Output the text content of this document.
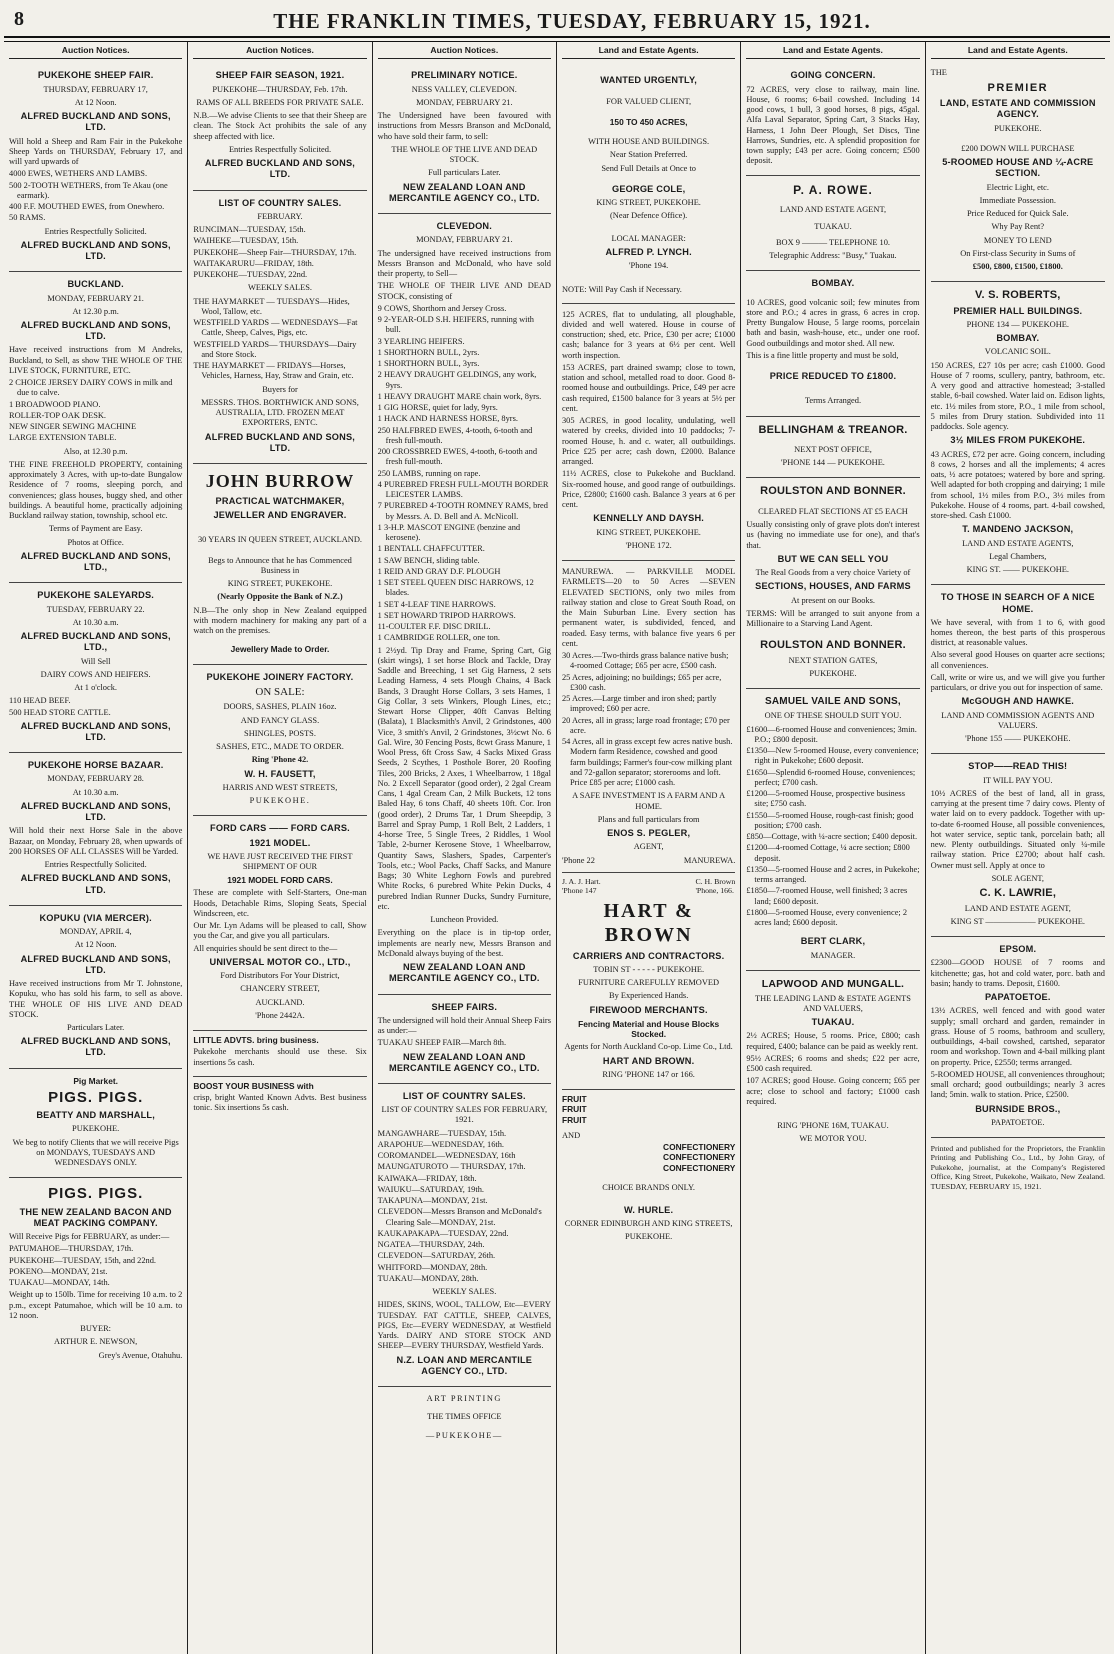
8	THE FRANKLIN TIMES, TUESDAY, FEBRUARY 15, 1921.
Auction Notices.
PUKEKOHE SHEEP FAIR.
THURSDAY, FEBRUARY 17,
At 12 Noon.
ALFRED BUCKLAND AND SONS, LTD.
Will hold a Sheep and Ram Fair in the Pukekohe Sheep Yards on THURSDAY, February 17, and will yard upwards of
4000 EWES, WETHERS AND LAMBS.
500 2-TOOTH WETHERS, from Te Akau (one earmark).
400 F.F. MOUTHED EWES, from Onewhero.
50 RAMS.
Entries Respectfully Solicited.
ALFRED BUCKLAND AND SONS, LTD.
BUCKLAND.
MONDAY, FEBRUARY 21.
At 12.30 p.m.
ALFRED BUCKLAND AND SONS, LTD.
Have received instructions from M Andreks, Buckland, to Sell, as show THE WHOLE OF THE LIVE STOCK, FURNITURE, ETC.
2 CHOICE JERSEY DAIRY COWS in milk and due to calve.
1 BROADWOOD PIANO.
ROLLER-TOP OAK DESK.
NEW SINGER SEWING MACHINE
LARGE EXTENSION TABLE.
Also, at 12.30 p.m.
THE FINE FREEHOLD PROPERTY, containing approximately 3 Acres, with up-to-date Bungalow Residence of 7 rooms, sleeping porch, and conveniences; glass houses, buggy shed, and other buildings. A beautiful home, practically adjoining Buckland railway station, township, school etc.
Terms of Payment are Easy.
Photos at Office.
ALFRED BUCKLAND AND SONS, LTD.,
PUKEKOHE SALEYARDS.
TUESDAY, FEBRUARY 22.
At 10.30 a.m.
ALFRED BUCKLAND AND SONS, LTD.,
Will Sell
DAIRY COWS AND HEIFERS.
At 1 o'clock.
110 HEAD BEEF.
500 HEAD STORE CATTLE.
ALFRED BUCKLAND AND SONS, LTD.
PUKEKOHE HORSE BAZAAR.
MONDAY, FEBRUARY 28.
At 10.30 a.m.
ALFRED BUCKLAND AND SONS, LTD.
Will hold their next Horse Sale in the above Bazaar, on Monday, February 28, when upwards of 200 HORSES OF ALL CLASSES Will be Yarded.
Entries Respectfully Solicited.
ALFRED BUCKLAND AND SONS, LTD.
KOPUKU (VIA MERCER).
MONDAY, APRIL 4,
At 12 Noon.
ALFRED BUCKLAND AND SONS, LTD.
Have received instructions from Mr T. Johnstone, Kopuku, who has sold his farm, to sell as above. THE WHOLE OF HIS LIVE AND DEAD STOCK.
Particulars Later.
ALFRED BUCKLAND AND SONS, LTD.
Pig Market.
PIGS. PIGS.
BEATTY AND MARSHALL,
PUKEKOHE.
We beg to notify Clients that we will receive Pigs on MONDAYS, TUESDAYS AND WEDNESDAYS ONLY.
PIGS. PIGS.
THE NEW ZEALAND BACON AND MEAT PACKING COMPANY.
Will Receive Pigs for FEBRUARY, as under:—
PATUMAHOE—THURSDAY, 17th.
PUKEKOHE—TUESDAY, 15th, and 22nd.
POKENO—MONDAY, 21st.
TUAKAU—MONDAY, 14th.
Weight up to 150lb. Time for receiving 10 a.m. to 2 p.m., except Patumahoe, which will be 10 a.m. to 12 noon.
BUYER:
ARTHUR E. NEWSON,
Grey's Avenue, Otahuhu.
Auction Notices.
SHEEP FAIR SEASON, 1921.
PUKEKOHE—THURSDAY, Feb. 17th.
RAMS OF ALL BREEDS FOR PRIVATE SALE.
N.B.—We advise Clients to see that their Sheep are clean. The Stock Act prohibits the sale of any sheep affected with lice.
Entries Respectfully Solicited.
ALFRED BUCKLAND AND SONS, LTD.
LIST OF COUNTRY SALES.
FEBRUARY.
RUNCIMAN—TUESDAY, 15th.
WAIHEKE—TUESDAY, 15th.
PUKEKOHE—Sheep Fair—THURSDAY, 17th.
WAITAKARURU—FRIDAY, 18th.
PUKEKOHE—TUESDAY, 22nd.
WEEKLY SALES.
THE HAYMARKET — TUESDAYS—Hides, Wool, Tallow, etc.
WESTFIELD YARDS — WEDNESDAYS—Fat Cattle, Sheep, Calves, Pigs, etc.
WESTFIELD YARDS— THURSDAYS—Dairy and Store Stock.
THE HAYMARKET — FRIDAYS—Horses, Vehicles, Harness, Hay, Straw and Grain, etc.
Buyers for
MESSRS. THOS. BORTHWICK AND SONS, AUSTRALIA, LTD. FROZEN MEAT EXPORTERS, ENTC.
ALFRED BUCKLAND AND SONS, LTD.
JOHN BURROW
PRACTICAL WATCHMAKER,
JEWELLER AND ENGRAVER.
30 YEARS IN QUEEN STREET, AUCKLAND.
Begs to Announce that he has Commenced Business in
KING STREET, PUKEKOHE.
(Nearly Opposite the Bank of N.Z.)
N.B—The only shop in New Zealand equipped with modern machinery for making any part of a watch on the premises.
Jewellery Made to Order.
PUKEKOHE JOINERY FACTORY.
ON SALE:
DOORS, SASHES, PLAIN 16oz.
AND FANCY GLASS.
SHINGLES, POSTS.
SASHES, ETC., MADE TO ORDER.
Ring 'Phone 42.
W. H. FAUSETT,
HARRIS AND WEST STREETS,
PUKEKOHE.
FORD CARS —— FORD CARS.
1921 MODEL.
WE HAVE JUST RECEIVED THE FIRST SHIPMENT OF OUR
1921 MODEL FORD CARS.
These are complete with Self-Starters, One-man Hoods, Detachable Rims, Sloping Seats, Special Windscreen, etc.
Our Mr. Lyn Adams will be pleased to call, Show you the Car, and give you all particulars.
All enquiries should be sent direct to the—
UNIVERSAL MOTOR CO., LTD.,
Ford Distributors For Your District,
CHANCERY STREET,
AUCKLAND.
'Phone 2442A.
LITTLE ADVTS. bring business.
Pukekohe merchants should use these. Six insertions 5s cash.
BOOST YOUR BUSINESS with
crisp, bright Wanted Known Advts. Best business tonic. Six insertions 5s cash.
Auction Notices.
PRELIMINARY NOTICE.
NESS VALLEY, CLEVEDON.
MONDAY, FEBRUARY 21.
The Undersigned have been favoured with instructions from Messrs Branson and McDonald, who have sold their farm, to sell:
THE WHOLE OF THE LIVE AND DEAD STOCK.
Full particulars Later.
NEW ZEALAND LOAN AND MERCANTILE AGENCY CO., LTD.
CLEVEDON.
MONDAY, FEBRUARY 21.
The undersigned have received instructions from Messrs Branson and McDonald, who have sold their property, to Sell—
THE WHOLE OF THEIR LIVE AND DEAD STOCK, consisting of
9 COWS, Shorthorn and Jersey Cross.
9 2-YEAR-OLD S.H. HEIFERS, running with bull.
3 YEARLING HEIFERS.
1 SHORTHORN BULL, 2yrs.
1 SHORTHORN BULL, 3yrs.
2 HEAVY DRAUGHT GELDINGS, any work, 9yrs.
1 HEAVY DRAUGHT MARE chain work, 8yrs.
1 GIG HORSE, quiet for lady, 9yrs.
1 HACK AND HARNESS HORSE, 8yrs.
250 HALFBRED EWES, 4-tooth, 6-tooth and fresh full-mouth.
200 CROSSBRED EWES, 4-tooth, 6-tooth and fresh full-mouth.
250 LAMBS, running on rape.
4 PUREBRED FRESH FULL-MOUTH BORDER LEICESTER LAMBS.
7 PUREBRED 4-TOOTH ROMNEY RAMS, bred by Messrs. A. D. Bell and A. McNicoll.
1 3-H.P. MASCOT ENGINE (benzine and kerosene).
1 BENTALL CHAFFCUTTER.
1 SAW BENCH, sliding table.
1 REID AND GRAY D.F. PLOUGH
1 SET STEEL QUEEN DISC HARROWS, 12 blades.
1 SET 4-LEAF TINE HARROWS.
1 SET HOWARD TRIPOD HARROWS.
11-COULTER F.F. DISC DRILL.
1 CAMBRIDGE ROLLER, one ton.
1 2½yd. Tip Dray and Frame, Spring Cart, Gig (skirt wings), 1 set horse Block and Tackle, Dray Saddle and Breeching, 1 set Gig Harness, 2 sets Leading Harness, 4 sets Plough Chains, 4 Back Bands, 3 Draught Horse Collars, 3 sets Hames, 1 Gig Collar, 3 sets Winkers, Plough Lines, etc.; Stewart Horse Clipper, 40ft Canvas Belting (Balata), 1 Blacksmith's Anvil, 2 Grindstones, 400 Vice, 3 smith's Anvil, 2 Grindstones, 3½cwt No. 6 Gal. Wire, 30 Fencing Posts, 8cwt Grass Manure, 1 Wool Press, 6ft Cross Saw, 4 Sacks Mixed Grass Seeds, 2 Scythes, 1 Posthole Borer, 20 Roofing Tiles, 200 Bricks, 2 Axes, 1 Wheelbarrow, 1 18gal No. 2 Excell Separator (good order), 2 2gal Cream Cans, 1 4gal Cream Can, 2 Milk Buckets, 12 tons Baled Hay, 6 tons Chaff, 40 sheets 10ft. Cor. Iron (good order), 2 Drums Tar, 1 Drum Sheepdip, 3 Barrel and Spray Pump, 1 Roll Belt, 2 Ladders, 1 4-horse Tree, 5 Single Trees, 2 Riddles, 1 Wool Table, 2-burner Kerosene Stove, 1 Wheelbarrow, Quantity Saws, Slashers, Spades, Carpenter's Tools, etc.; Wool Packs, Chaff Sacks, and Manure Bags; 30 White Leghorn Fowls and purebred White Rocks, 6 purebred White Pekin Ducks, 4 purebred Indian Runner Ducks, Sundry Furniture, etc.
Luncheon Provided.
Everything on the place is in tip-top order, implements are nearly new, Messrs Branson and McDonald always buying of the best.
NEW ZEALAND LOAN AND MERCANTILE AGENCY CO., LTD.
SHEEP FAIRS.
The undersigned will hold their Annual Sheep Fairs as under:—
TUAKAU SHEEP FAIR—March 8th.
NEW ZEALAND LOAN AND MERCANTILE AGENCY CO., LTD.
LIST OF COUNTRY SALES.
LIST OF COUNTRY SALES FOR FEBRUARY, 1921.
MANGAWHARE—TUESDAY, 15th.
ARAPOHUE—WEDNESDAY, 16th.
COROMANDEL—WEDNESDAY, 16th
MAUNGATUROTO — THURSDAY, 17th.
KAIWAKA—FRIDAY, 18th.
WAIUKU—SATURDAY, 19th.
TAKAPUNA—MONDAY, 21st.
CLEVEDON—Messrs Branson and McDonald's Clearing Sale—MONDAY, 21st.
KAUKAPAKAPA—TUESDAY, 22nd.
NGATEA—THURSDAY, 24th.
CLEVEDON—SATURDAY, 26th.
WHITFORD—MONDAY, 28th.
TUAKAU—MONDAY, 28th.
WEEKLY SALES.
HIDES, SKINS, WOOL, TALLOW, Etc—EVERY TUESDAY. FAT CATTLE, SHEEP, CALVES, PIGS, Etc—EVERY WEDNESDAY, at Westfield Yards. DAIRY AND STORE STOCK AND SHEEP—EVERY THURSDAY, Westfield Yards.
N.Z. LOAN AND MERCANTILE AGENCY CO., LTD.
ART PRINTING
THE TIMES OFFICE
—PUKEKOHE—
Land and Estate Agents.
WANTED URGENTLY,
FOR VALUED CLIENT,
150 TO 450 ACRES,
WITH HOUSE AND BUILDINGS.
Near Station Preferred.
Send Full Details at Once to
GEORGE COLE,
KING STREET, PUKEKOHE.
(Near Defence Office).
LOCAL MANAGER:
ALFRED P. LYNCH.
'Phone 194.
NOTE: Will Pay Cash if Necessary.
125 ACRES, flat to undulating, all ploughable, divided and well watered. House in course of construction; shed, etc. Price, £30 per acre; £1000 cash; balance for 3 years at 6½ per cent. Well worth inspection.
153 ACRES, part drained swamp; close to town, station and school, metalled road to door. Good 8-roomed house and outbuildings. Price, £49 per acre cash required, £1500 balance for 3 years at 5½ per cent.
305 ACRES, in good locality, undulating, well watered by creeks, divided into 10 paddocks; 7-roomed House, h. and c. water, all outbuildings. Price £25 per acre; cash down, £2000. Balance arranged.
11½ ACRES, close to Pukekohe and Buckland. Six-roomed house, and good range of outbuildings. Price, £2800; £1600 cash. Balance 3 years at 6 per cent.
KENNELLY AND DAYSH.
KING STREET, PUKEKOHE.
'PHONE 172.
MANUREWA. — PARKVILLE MODEL FARMLETS—20 to 50 Acres —SEVEN ELEVATED SECTIONS, only two miles from railway station and close to Great South Road, on the Main Suburban Line. Every section has permanent water, is subdivided, fenced, and roaded. Easy terms, with balance five years 6 per cent.
30 Acres.—Two-thirds grass balance native bush; 4-roomed Cottage; £65 per acre, £500 cash.
25 Acres, adjoining; no buildings; £65 per acre, £300 cash.
25 Acres.—Large timber and iron shed; partly improved; £60 per acre.
20 Acres, all in grass; large road frontage; £70 per acre.
54 Acres, all in grass except few acres native bush. Modern farm Residence, cowshed and good farm buildings; Farmer's four-cow milking plant and 72-gallon separator; storerooms and loft. Price £85 per acre; £1000 cash.
A SAFE INVESTMENT IS A FARM AND A HOME.
Plans and full particulars from
ENOS S. PEGLER,
AGENT,
'Phone 22	MANUREWA.
J. A. J. Hart.
'Phone 147
C. H. Brown
'Phone, 166.
HART & BROWN
CARRIERS AND CONTRACTORS.
TOBIN ST - - - - - PUKEKOHE.
FURNITURE CAREFULLY REMOVED
By Experienced Hands.
FIREWOOD MERCHANTS.
Fencing Material and House Blocks Stocked.
Agents for North Auckland Co-op. Lime Co., Ltd.
HART AND BROWN.
RING 'PHONE 147 or 166.
FRUIT
FRUIT
FRUIT
AND
CONFECTIONERY
CONFECTIONERY
CONFECTIONERY
CHOICE BRANDS ONLY.
W. HURLE.
CORNER EDINBURGH AND KING STREETS,
PUKEKOHE.
Land and Estate Agents.
GOING CONCERN.
72 ACRES, very close to railway, main line. House, 6 rooms; 6-bail cowshed. Including 14 good cows, 1 bull, 3 good horses, 8 pigs, 45gal. Alfa Laval Separator, Spring Cart, 3 Stacks Hay, Harness, 1 John Deer Plough, Set Discs, Tine Harrows, Sundries, etc. A splendid proposition for town supply; £43 per acre. Going concern; £500 deposit.
P. A. ROWE.
LAND AND ESTATE AGENT,
TUAKAU.
BOX 9 ——— TELEPHONE 10.
Telegraphic Address: "Busy," Tuakau.
BOMBAY.
10 ACRES, good volcanic soil; few minutes from store and P.O.; 4 acres in grass, 6 acres in crop. Pretty Bungalow House, 5 large rooms, porcelain bath and basin, wash-house, etc., under one roof. Good outbuildings and motor shed. All new.
This is a fine little property and must be sold,
PRICE REDUCED TO £1800.
Terms Arranged.
BELLINGHAM & TREANOR.
NEXT POST OFFICE,
'PHONE 144 — PUKEKOHE.
ROULSTON AND BONNER.
CLEARED FLAT SECTIONS AT £5 EACH
Usually consisting only of grave plots don't interest us (having no immediate use for one), and that's that.
BUT WE CAN SELL YOU
The Real Goods from a very choice Variety of
SECTIONS, HOUSES, AND FARMS
At present on our Books.
TERMS: Will be arranged to suit anyone from a Millionaire to a Starving Land Agent.
ROULSTON AND BONNER.
NEXT STATION GATES,
PUKEKOHE.
SAMUEL VAILE AND SONS,
ONE OF THESE SHOULD SUIT YOU.
£1600—6-roomed House and conveniences; 3min. P.O.; £800 deposit.
£1350—New 5-roomed House, every convenience; right in Pukekohe; £600 deposit.
£1650—Splendid 6-roomed House, conveniences; perfect; £700 cash.
£1200—5-roomed House, prospective business site; £750 cash.
£1550—5-roomed House, rough-cast finish; good position; £700 cash.
£850—Cottage, with ¼-acre section; £400 deposit.
£1200—4-roomed Cottage, ¼ acre section; £800 deposit.
£1350—5-roomed House and 2 acres, in Pukekohe; terms arranged.
£1850—7-roomed House, well finished; 3 acres land; £600 deposit.
£1800—5-roomed House, every convenience; 2 acres land; £600 deposit.
BERT CLARK,
MANAGER.
LAPWOOD AND MUNGALL.
THE LEADING LAND & ESTATE AGENTS AND VALUERS,
TUAKAU.
2½ ACRES; House, 5 rooms. Price, £800; cash required, £400; balance can be paid as weekly rent.
95½ ACRES; 6 rooms and sheds; £22 per acre, £500 cash required.
107 ACRES; good House. Going concern; £65 per acre; close to school and factory; £1000 cash required.
RING 'PHONE 16M, TUAKAU.
WE MOTOR YOU.
Land and Estate Agents.
THE
PREMIER
LAND, ESTATE AND COMMISSION AGENCY.
PUKEKOHE.
£200 DOWN WILL PURCHASE
5-ROOMED HOUSE AND ¼-ACRE SECTION.
Electric Light, etc.
Immediate Possession.
Price Reduced for Quick Sale.
Why Pay Rent?
MONEY TO LEND
On First-class Security in Sums of
£500, £800, £1500, £1800.
V. S. ROBERTS,
PREMIER HALL BUILDINGS.
PHONE 134 — PUKEKOHE.
BOMBAY.
VOLCANIC SOIL.
150 ACRES, £27 10s per acre; cash £1000. Good House of 7 rooms, scullery, pantry, bathroom, etc. A very good and attractive homestead; 3-stalled stable, 6-bail cowshed. Water laid on. Edison lights, etc. 1½ miles from store, P.O., 1 mile from school, 5 miles from Drury station. Subdivided into 11 paddocks. Sole agency.
3½ MILES FROM PUKEKOHE.
43 ACRES, £72 per acre. Going concern, including 8 cows, 2 horses and all the implements; 4 acres oats, ½ acre potatoes; watered by bore and spring. Well adapted for both cropping and dairying; 1 mile from school, 1½ miles from P.O., 3½ miles from Pukekohe. House of 4 rooms, part. 4-bail cowshed, store-shed. Cash £1000.
T. MANDENO JACKSON,
LAND AND ESTATE AGENTS,
Legal Chambers,
KING ST. —— PUKEKOHE.
TO THOSE IN SEARCH OF A NICE HOME.
We have several, with from 1 to 6, with good homes thereon, the best parts of this prosperous district, at reasonable values.
Also several good Houses on quarter acre sections; all conveniences.
Call, write or wire us, and we will give you further particulars, or drive you out for inspection of same.
McGOUGH AND HAWKE.
LAND AND COMMISSION AGENTS AND VALUERS.
'Phone 155 —— PUKEKOHE.
STOP——READ THIS!
IT WILL PAY YOU.
10½ ACRES of the best of land, all in grass, carrying at the present time 7 dairy cows. Plenty of water laid on to every paddock. Together with up-to-date 6-roomed House, all possible conveniences, hot water service, septic tank, porcelain bath; all new. Plenty outbuildings. Situated only ¼-mile railway station. Price £2700; about half cash. Owner must sell. Apply at once to
SOLE AGENT,
C. K. LAWRIE,
LAND AND ESTATE AGENT,
KING ST —————— PUKEKOHE.
EPSOM.
£2300—GOOD HOUSE of 7 rooms and kitchenette; gas, hot and cold water, porc. bath and basin; handy to trams. Deposit, £1600.
PAPATOETOE.
13½ ACRES, well fenced and with good water supply; small orchard and garden, remainder in grass. House of 5 rooms, bathroom and scullery, outbuildings, 4-bail cowshed, cartshed, separator room and workshop. Town and 4-bail milking plant on property. Price, £2550; terms arranged.
5-ROOMED HOUSE, all conveniences throughout; small orchard; good outbuildings; nearly 3 acres land; 5min. walk to station. Price, £2500.
BURNSIDE BROS.,
PAPATOETOE.
Printed and published for the Proprietors, the Franklin Printing and Publishing Co., Ltd., by John Gray, of Pukekohe, journalist, at the Company's Registered Office, King Street, Pukekohe, Waikato, New Zealand. TUESDAY, FEBRUARY 15, 1921.
